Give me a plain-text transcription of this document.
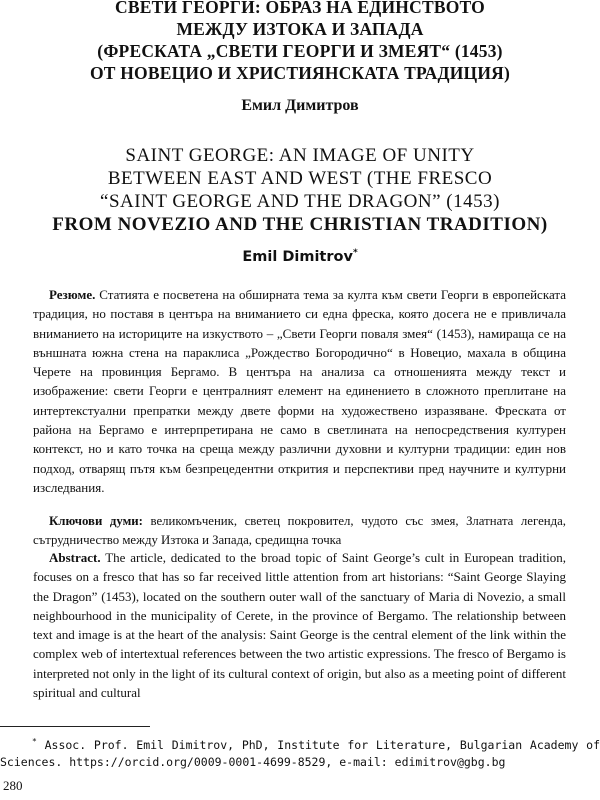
СВЕТИ ГЕОРГИ: ОБРАЗ НА ЕДИНСТВОТО
МЕЖДУ ИЗТОКА И ЗАПАДА
(ФРЕСКАТА „СВЕТИ ГЕОРГИ И ЗМЕЯТ“ (1453)
ОТ НОВЕЦИО И ХРИСТИЯНСКАТА ТРАДИЦИЯ)
Емил Димитров
SAINT GEORGE: AN IMAGE OF UNITY
BETWEEN EAST AND WEST (THE FRESCO
“SAINT GEORGE AND THE DRAGON” (1453)
FROM NOVEZIO AND THE CHRISTIAN TRADITION)
Emil Dimitrov*
Резюме. Статията е посветена на обширната тема за култа към свети Георги в европейската традиция, но поставя в центъра на вниманието си една фреска, която досега не е привличала вниманието на историците на изкуството – „Свети Георги поваля змея“ (1453), намираща се на външната южна стена на параклиса „Рождество Богородично“ в Новецио, махала в община Черете на провинция Бергамо. В центъра на анализа са отношенията между текст и изображение: свети Георги е централният елемент на единението в сложното преплитане на интертекстуални препратки между двете форми на художествено изразяване. Фреската от района на Бергамо е интерпретирана не само в светлината на непосредствения културен контекст, но и като точка на среща между различни духовни и културни традиции: един нов подход, отварящ пътя към безпрецедентни открития и перспективи пред научните и културни изследвания.
Ключови думи: великомъченик, светец покровител, чудото със змея, Златната легенда, сътрудничество между Изтока и Запада, средищна точка
Abstract. The article, dedicated to the broad topic of Saint George’s cult in European tradition, focuses on a fresco that has so far received little attention from art historians: “Saint George Slaying the Dragon” (1453), located on the southern outer wall of the sanctuary of Maria di Novezio, a small neighbourhood in the municipality of Cerete, in the province of Bergamo. The relationship between text and image is at the heart of the analysis: Saint George is the central element of the link within the complex web of intertextual references between the two artistic expressions. The fresco of Bergamo is interpreted not only in the light of its cultural context of origin, but also as a meeting point of different spiritual and cultural
* Assoc. Prof. Emil Dimitrov, PhD, Institute for Literature, Bulgarian Academy of Sciences. https://orcid.org/0009-0001-4699-8529, e-mail: edimitrov@gbg.bg
280
